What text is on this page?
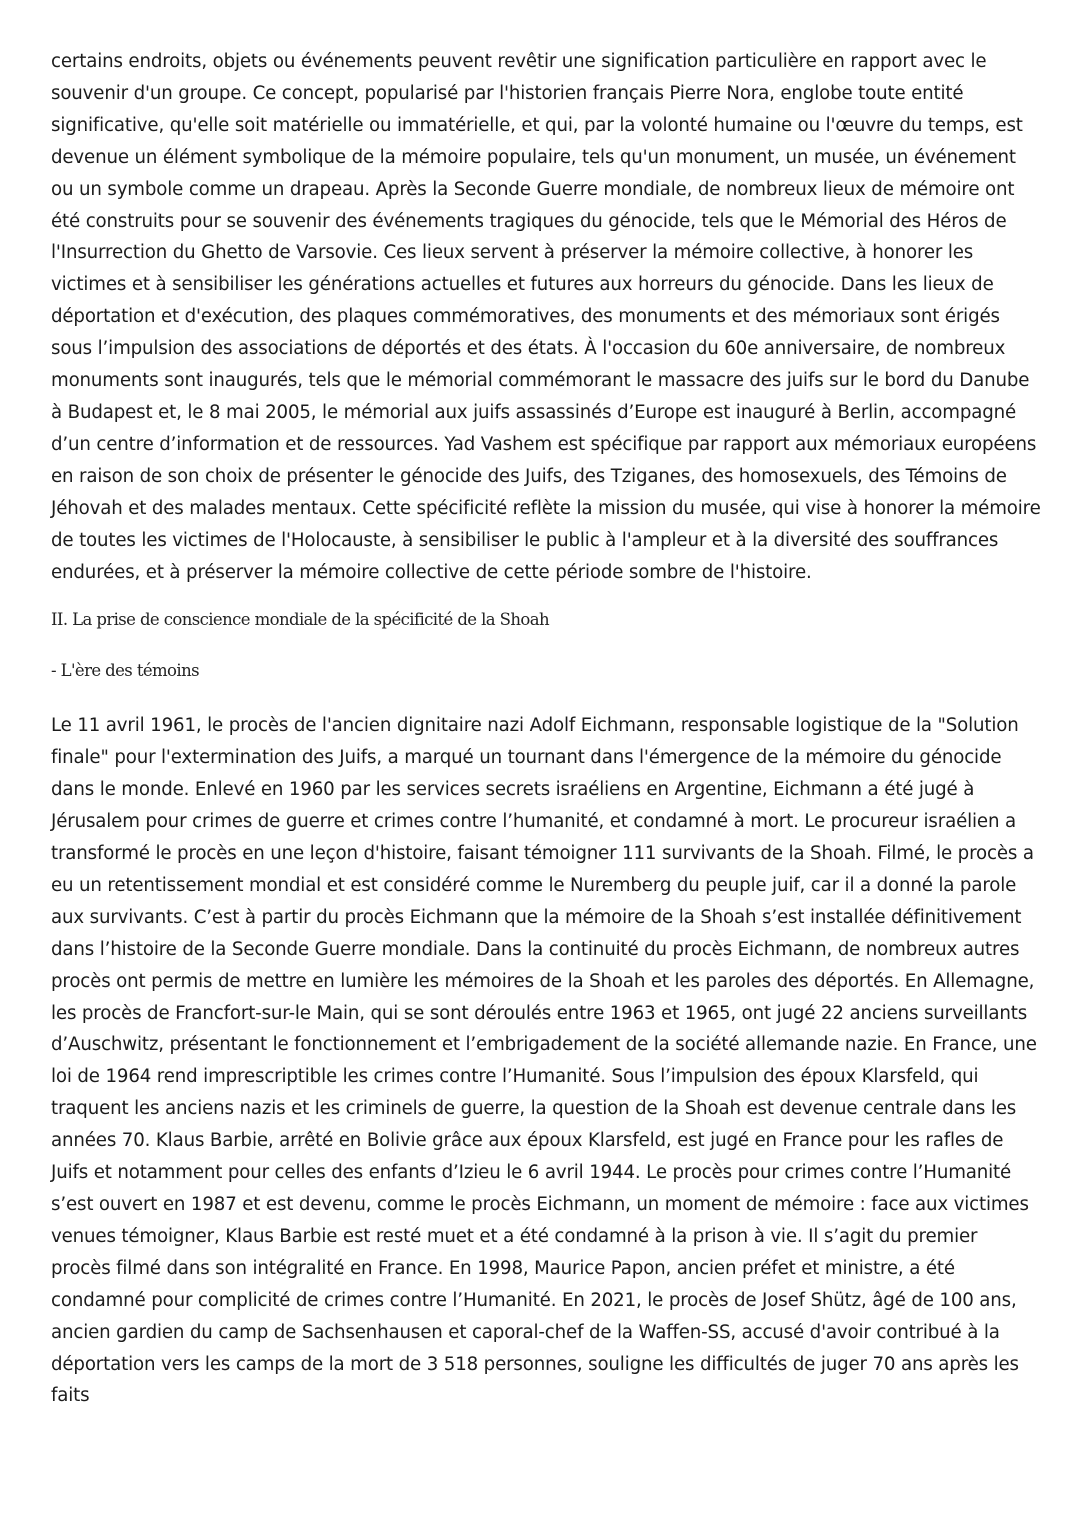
certains endroits, objets ou événements peuvent revêtir une signification particulière en rapport avec le souvenir d'un groupe. Ce concept, popularisé par l'historien français Pierre Nora, englobe toute entité significative, qu'elle soit matérielle ou immatérielle, et qui, par la volonté humaine ou l'œuvre du temps, est devenue un élément symbolique de la mémoire populaire, tels qu'un monument, un musée, un événement ou un symbole comme un drapeau. Après la Seconde Guerre mondiale, de nombreux lieux de mémoire ont été construits pour se souvenir des événements tragiques du génocide, tels que le Mémorial des Héros de l'Insurrection du Ghetto de Varsovie. Ces lieux servent à préserver la mémoire collective, à honorer les victimes et à sensibiliser les générations actuelles et futures aux horreurs du génocide. Dans les lieux de déportation et d'exécution, des plaques commémoratives, des monuments et des mémoriaux sont érigés sous l’impulsion des associations de déportés et des états. À l'occasion du 60e anniversaire, de nombreux monuments sont inaugurés, tels que le mémorial commémorant le massacre des juifs sur le bord du Danube à Budapest et, le 8 mai 2005, le mémorial aux juifs assassinés d’Europe est inauguré à Berlin, accompagné d’un centre d’information et de ressources. Yad Vashem est spécifique par rapport aux mémoriaux européens en raison de son choix de présenter le génocide des Juifs, des Tziganes, des homosexuels, des Témoins de Jéhovah et des malades mentaux. Cette spécificité reflète la mission du musée, qui vise à honorer la mémoire de toutes les victimes de l'Holocauste, à sensibiliser le public à l'ampleur et à la diversité des souffrances endurées, et à préserver la mémoire collective de cette période sombre de l'histoire.

II. La prise de conscience mondiale de la spécificité de la Shoah

- L'ère des témoins

Le 11 avril 1961, le procès de l'ancien dignitaire nazi Adolf Eichmann, responsable logistique de la "Solution finale" pour l'extermination des Juifs, a marqué un tournant dans l'émergence de la mémoire du génocide dans le monde. Enlevé en 1960 par les services secrets israéliens en Argentine, Eichmann a été jugé à Jérusalem pour crimes de guerre et crimes contre l’humanité, et condamné à mort. Le procureur israélien a transformé le procès en une leçon d'histoire, faisant témoigner 111 survivants de la Shoah. Filmé, le procès a eu un retentissement mondial et est considéré comme le Nuremberg du peuple juif, car il a donné la parole aux survivants. C’est à partir du procès Eichmann que la mémoire de la Shoah s’est installée définitivement dans l’histoire de la Seconde Guerre mondiale. Dans la continuité du procès Eichmann, de nombreux autres procès ont permis de mettre en lumière les mémoires de la Shoah et les paroles des déportés. En Allemagne, les procès de Francfort-sur-le Main, qui se sont déroulés entre 1963 et 1965, ont jugé 22 anciens surveillants d’Auschwitz, présentant le fonctionnement et l’embrigadement de la société allemande nazie. En France, une loi de 1964 rend imprescriptible les crimes contre l’Humanité. Sous l’impulsion des époux Klarsfeld, qui traquent les anciens nazis et les criminels de guerre, la question de la Shoah est devenue centrale dans les années 70. Klaus Barbie, arrêté en Bolivie grâce aux époux Klarsfeld, est jugé en France pour les rafles de Juifs et notamment pour celles des enfants d’Izieu le 6 avril 1944. Le procès pour crimes contre l’Humanité s’est ouvert en 1987 et est devenu, comme le procès Eichmann, un moment de mémoire : face aux victimes venues témoigner, Klaus Barbie est resté muet et a été condamné à la prison à vie. Il s’agit du premier procès filmé dans son intégralité en France. En 1998, Maurice Papon, ancien préfet et ministre, a été condamné pour complicité de crimes contre l’Humanité. En 2021, le procès de Josef Shütz, âgé de 100 ans, ancien gardien du camp de Sachsenhausen et caporal-chef de la Waffen-SS, accusé d'avoir contribué à la déportation vers les camps de la mort de 3 518 personnes, souligne les difficultés de juger 70 ans après les faits
